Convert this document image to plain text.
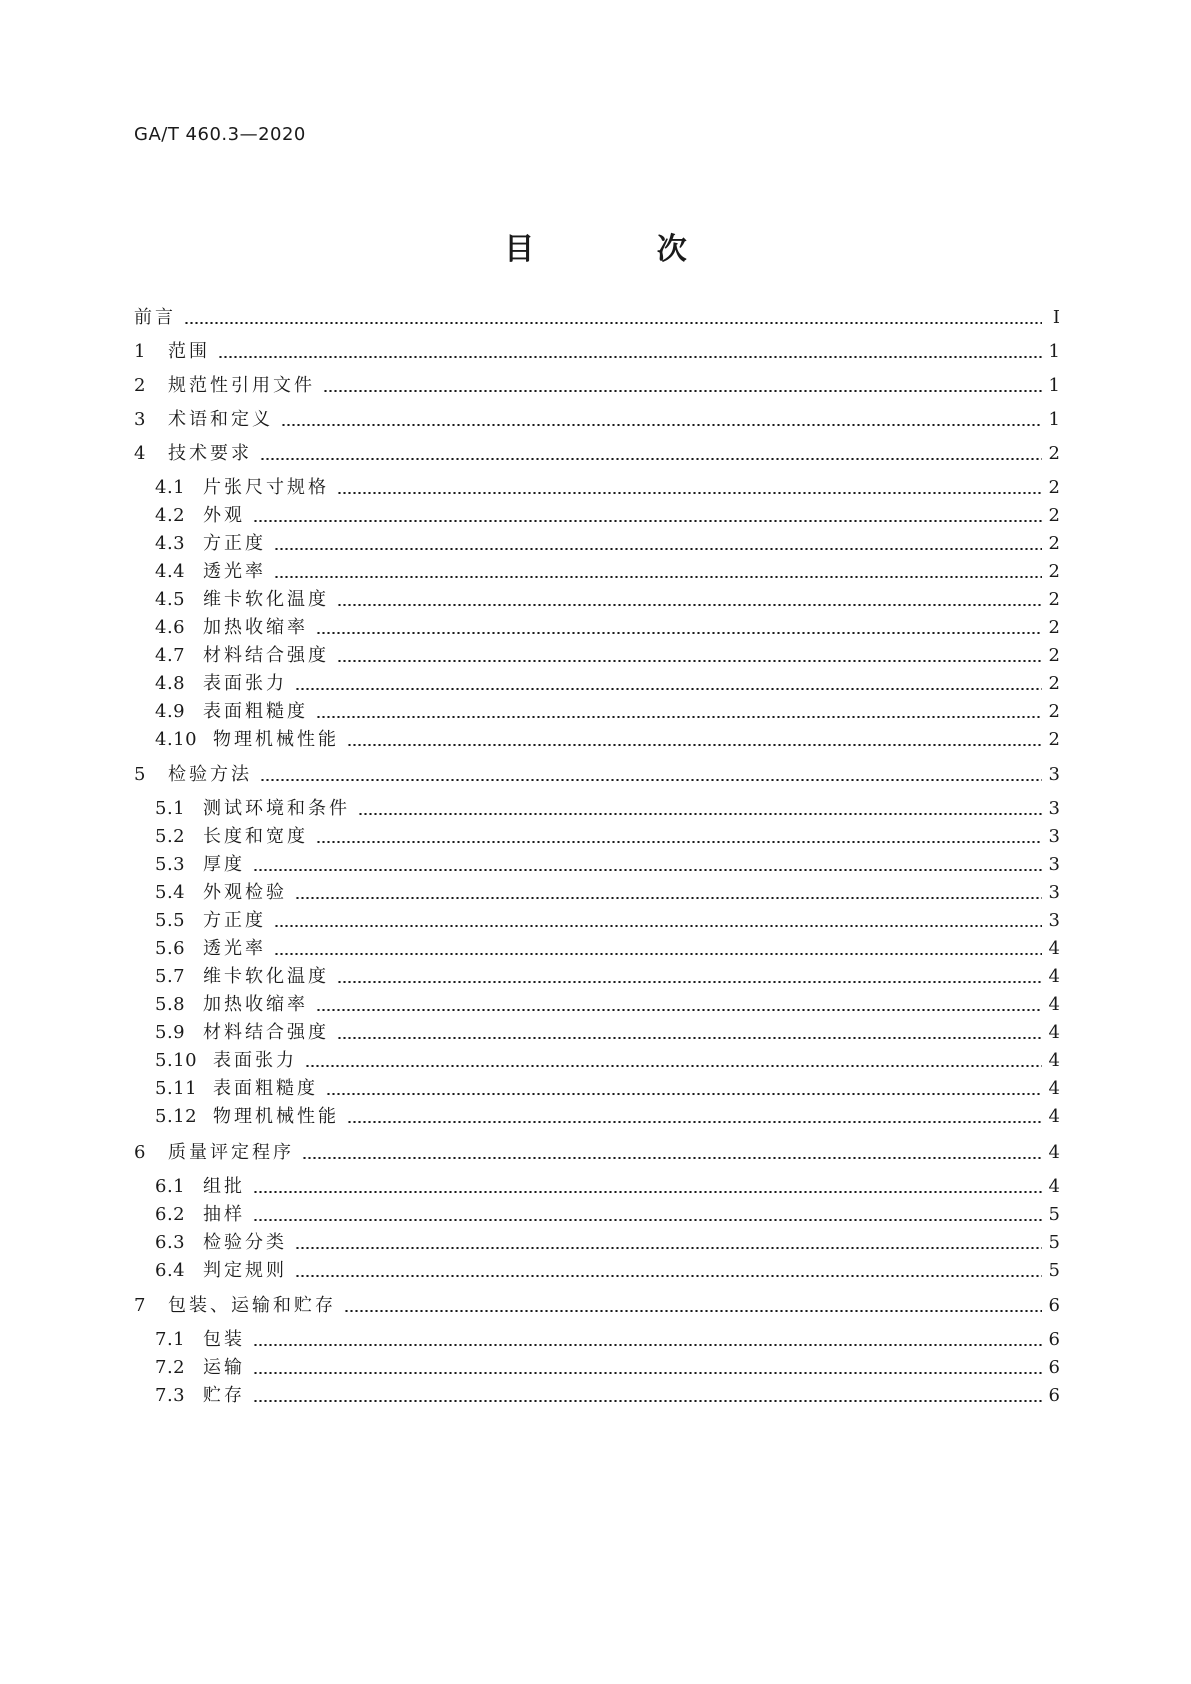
GA/T 460.3—2020
目 次
前言	Ⅰ
1	范围	1
2	规范性引用文件	1
3	术语和定义	1
4	技术要求	2
4.1 片张尺寸规格	2
4.2 外观	2
4.3 方正度	2
4.4 透光率	2
4.5 维卡软化温度	2
4.6 加热收缩率	2
4.7 材料结合强度	2
4.8 表面张力	2
4.9 表面粗糙度	2
4.10 物理机械性能	2
5	检验方法	3
5.1 测试环境和条件	3
5.2 长度和宽度	3
5.3 厚度	3
5.4 外观检验	3
5.5 方正度	3
5.6 透光率	4
5.7 维卡软化温度	4
5.8 加热收缩率	4
5.9 材料结合强度	4
5.10 表面张力	4
5.11 表面粗糙度	4
5.12 物理机械性能	4
6	质量评定程序	4
6.1 组批	4
6.2 抽样	5
6.3 检验分类	5
6.4 判定规则	5
7	包装、运输和贮存	6
7.1 包装	6
7.2 运输	6
7.3 贮存	6
